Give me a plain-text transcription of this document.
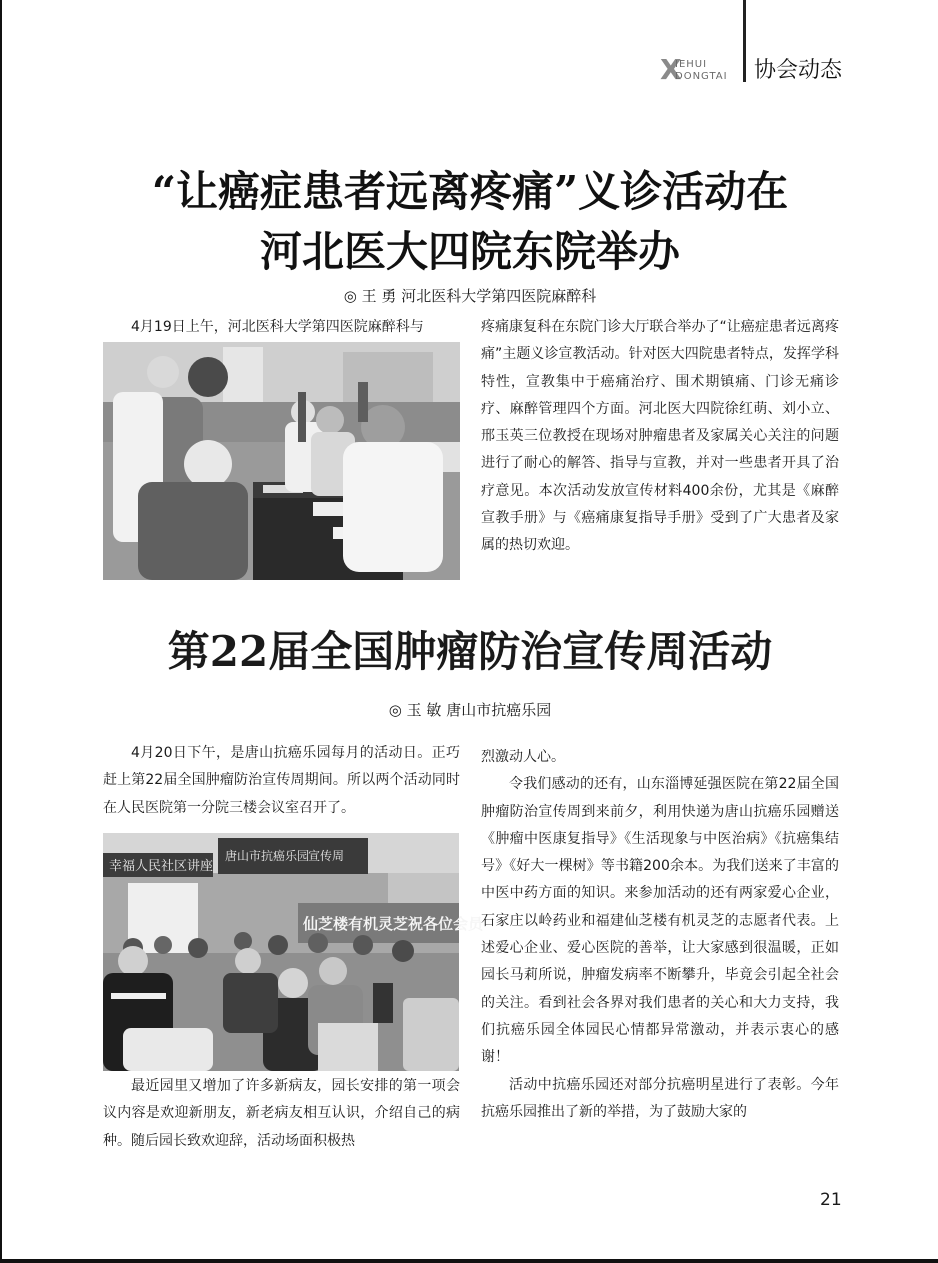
X
IEHUI
DONGTAI 协会动态
“让癌症患者远离疼痛”义诊活动在
河北医大四院东院举办
◎ 王 勇 河北医科大学第四医院麻醉科

4月19日上午，河北医科大学第四医院麻醉科与	疼痛康复科在东院门诊大厅联合举办了“让癌症患者远离疼痛”主题义诊宣教活动。针对医大四院患者特点，发挥学科特性，宣教集中于癌痛治疗、围术期镇痛、门诊无痛诊疗、麻醉管理四个方面。河北医大四院徐红萌、刘小立、邢玉英三位教授在现场对肿瘤患者及家属关心关注的问题进行了耐心的解答、指导与宣教，并对一些患者开具了治疗意见。本次活动发放宣传材料400余份，尤其是《麻醉宣教手册》与《癌痛康复指导手册》受到了广大患者及家属的热切欢迎。

第22届全国肿瘤防治宣传周活动
◎ 玉 敏 唐山市抗癌乐园

4月20日下午，是唐山抗癌乐园每月的活动日。正巧赶上第22届全国肿瘤防治宣传周期间。所以两个活动同时在人民医院第一分院三楼会议室召开了。

幸福人民社区讲座
唐山市抗癌乐园
宣传周
仙芝楼有机灵芝祝各位会员

最近园里又增加了许多新病友，园长安排的第一项会议内容是欢迎新朋友，新老病友相互认识，介绍自己的病种。随后园长致欢迎辞，活动场面积极热

烈激动人心。

令我们感动的还有，山东淄博延强医院在第22届全国肿瘤防治宣传周到来前夕，利用快递为唐山抗癌乐园赠送《肿瘤中医康复指导》《生活现象与中医治病》《抗癌集结号》《好大一棵树》等书籍200余本。为我们送来了丰富的中医中药方面的知识。来参加活动的还有两家爱心企业，石家庄以岭药业和福建仙芝楼有机灵芝的志愿者代表。上述爱心企业、爱心医院的善举，让大家感到很温暖，正如园长马莉所说，肿瘤发病率不断攀升，毕竟会引起全社会的关注。看到社会各界对我们患者的关心和大力支持，我们抗癌乐园全体园民心情都异常激动，并表示衷心的感谢！

活动中抗癌乐园还对部分抗癌明星进行了表彰。今年抗癌乐园推出了新的举措，为了鼓励大家的

21
